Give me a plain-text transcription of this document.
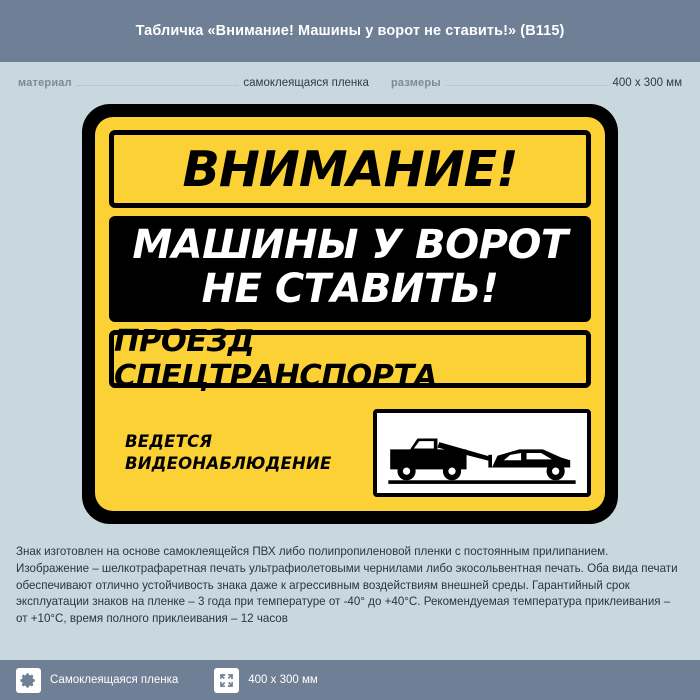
Табличка «Внимание! Машины у ворот не ставить!» (В115)
материал	самоклеящаяся пленка размеры	400 х 300 мм
ВНИМАНИЕ!
МАШИНЫ У ВОРОТ
НЕ СТАВИТЬ!
ПРОЕЗД СПЕЦТРАНСПОРТА
ВЕДЕТСЯ
ВИДЕОНАБЛЮДЕНИЕ
Знак изготовлен на основе самоклеящейся ПВХ либо полипропиленовой пленки с постоянным прилипанием. Изображение – шелкотрафаретная печать ультрафиолетовыми чернилами либо экосольвентная печать. Оба вида печати обеспечивают отлично устойчивость знака даже к агрессивным воздействиям внешней среды. Гарантийный срок эксплуатации знаков на пленке – 3 года при температуре от -40° до +40°С. Рекомендуемая температура приклеивания – от +10°С, время полного приклеивания – 12 часов
Самоклеящаяся пленка	400 х 300 мм
